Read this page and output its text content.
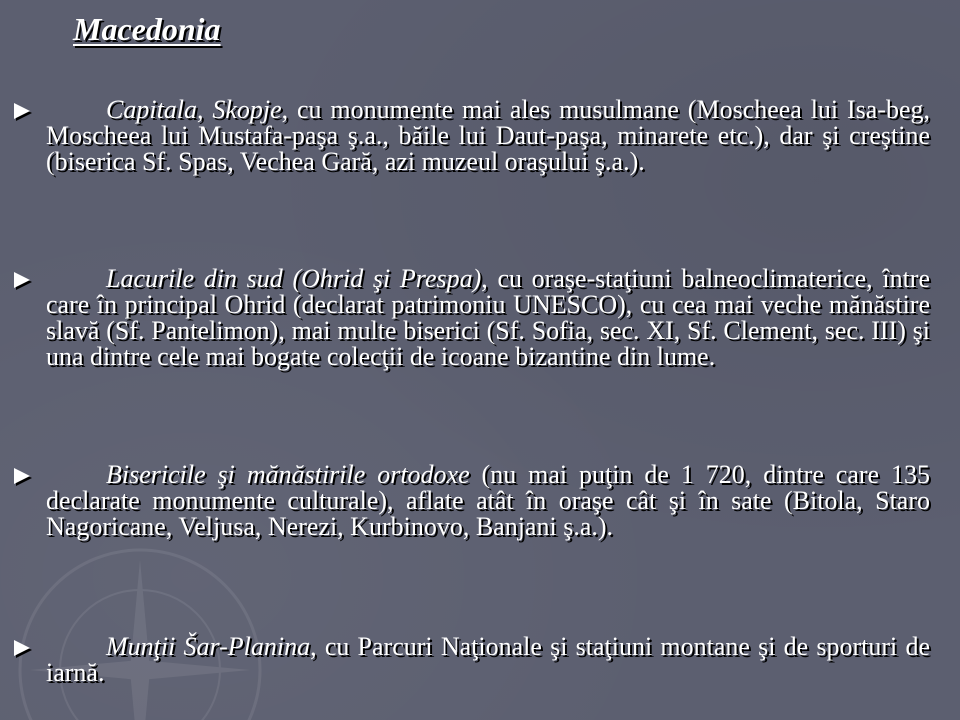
Macedonia
Capitala, Skopje, cu monumente mai ales musulmane (Moscheea lui Isa-beg, Moscheea lui Mustafa-paşa ş.a., băile lui Daut-paşa, minarete etc.), dar şi creştine (biserica Sf. Spas, Vechea Gară, azi muzeul oraşului ş.a.).
Lacurile din sud (Ohrid şi Prespa), cu oraşe-staţiuni balneoclimaterice, între care în principal Ohrid (declarat patrimoniu UNESCO), cu cea mai veche mănăstire slavă (Sf. Pantelimon), mai multe biserici (Sf. Sofia, sec. XI, Sf. Clement, sec. III) şi una dintre cele mai bogate colecţii de icoane bizantine din lume.
Bisericile şi mănăstirile ortodoxe (nu mai puţin de 1 720, dintre care 135 declarate monumente culturale), aflate atât în oraşe cât şi în sate (Bitola, Staro Nagoricane, Veljusa, Nerezi, Kurbinovo, Banjani ş.a.).
Munţii Šar-Planina, cu Parcuri Naţionale şi staţiuni montane şi de sporturi de iarnă.
